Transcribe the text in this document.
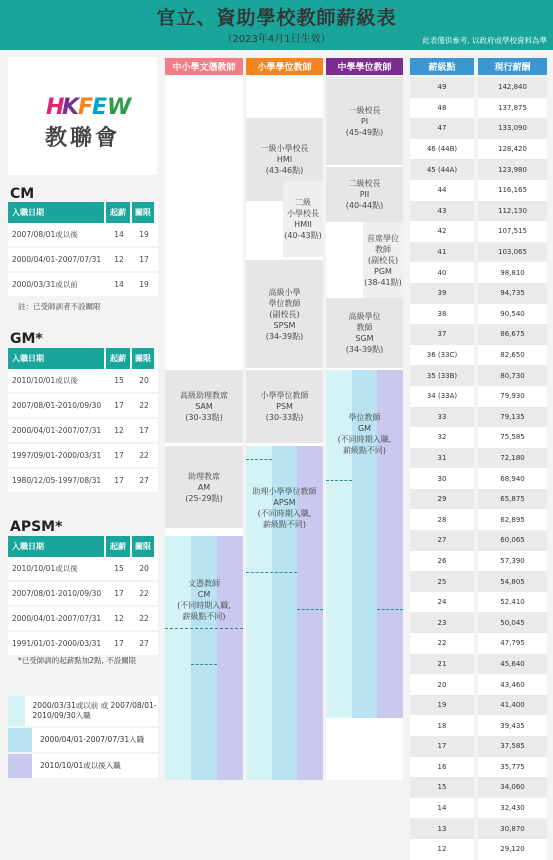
官立、資助學校教師薪級表
（2023年4月1日生效）	此表僅供參考, 以政府或學校資料為準
H
K
F
E W
教聯會
CM
入職日期	起薪	關限
2007/08/01或以後	14	19
2000/04/01-2007/07/31	12	17
2000/03/31或以前	14	19
註：已受師訓者不設關限
GM*
入職日期	起薪	關限
2010/10/01或以後	15	20
2007/08/01-2010/09/30	17	22
2000/04/01-2007/07/31	12	17
1997/09/01-2000/03/31	17	22
1980/12/05-1997/08/31	17	27
APSM*
入職日期	起薪	關限
2010/10/01或以後	15	20
2007/08/01-2010/09/30	17	22
2000/04/01-2007/07/31	12	22
1991/01/01-2000/03/31	17	27
*已受師訓的起薪點加2點, 不設關限
2000/03/31或以前 或 2007/08/01-2010/09/30入職
2000/04/01-2007/07/31入職
2010/10/01或以後入職
中小學文憑教師	小學學位教師	中學學位教師	薪級點	現行薪酬
高級助理教席
SAM
(30-33點)
助理教席
AM
(25-29點)
文憑教師
CM
(不同時期入職,
薪級點不同)
一級小學校長
HMI
(43-46點)
二級
小學校長
HMII
(40-43點)
高級小學
學位教師
(副校長)
SPSM
(34-39點)
小學學位教師
PSM
(30-33點)
助理小學學位教師
APSM
(不同時期入職,
薪級點不同)
一級校長
PI
(45-49點)
二級校長
PII
(40-44點)
首席學位
教師
(副校長)
PGM
(38-41點)
高級學位
教師
SGM
(34-39點)
學位教師
GM
(不同時期入職,
薪級點不同)
49	142,840
48	137,875
47	133,090
46 (44B)	128,420
45 (44A)	123,980
44	116,165
43	112,130
42	107,515
41	103,065
40	98,810
39	94,735
38	90,540
37	86,675
36 (33C)	82,650
35 (33B)	80,730
34 (33A)	79,930
33	79,135
32	75,585
31	72,180
30	68,940
29	65,875
28	62,895
27	60,065
26	57,390
25	54,805
24	52,410
23	50,045
22	47,795
21	45,640
20	43,460
19	41,400
18	39,435
17	37,585
16	35,775
15	34,060
14	32,430
13	30,870
12	29,120
